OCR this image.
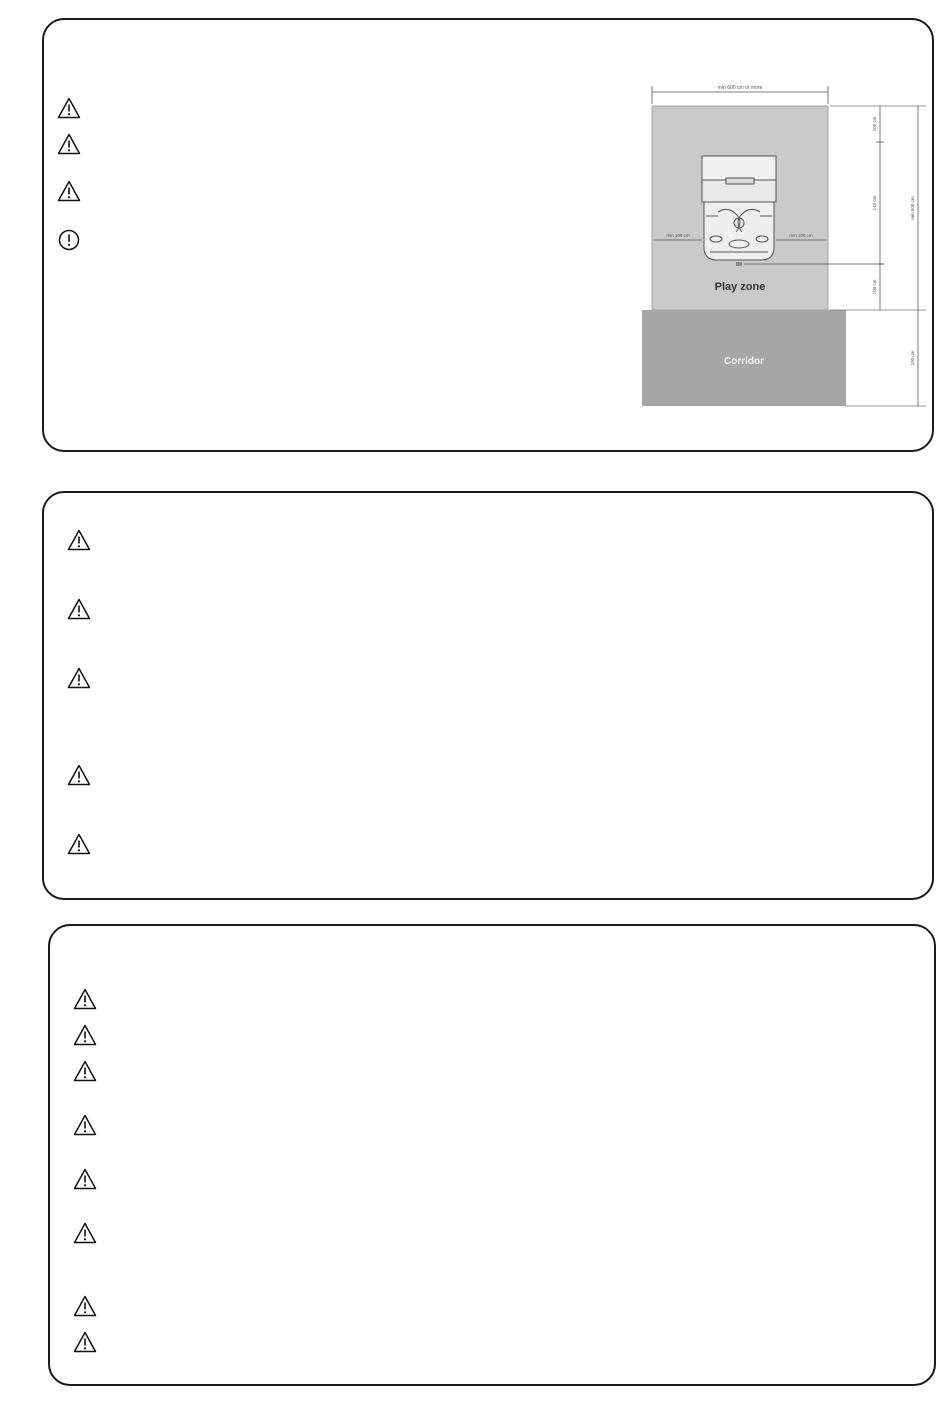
min 600 cm or more
min 100 cm	min 100 cm
Play zone
Corridor
100 cm
140 cm
100 cm
min 500 cm
100 cm
